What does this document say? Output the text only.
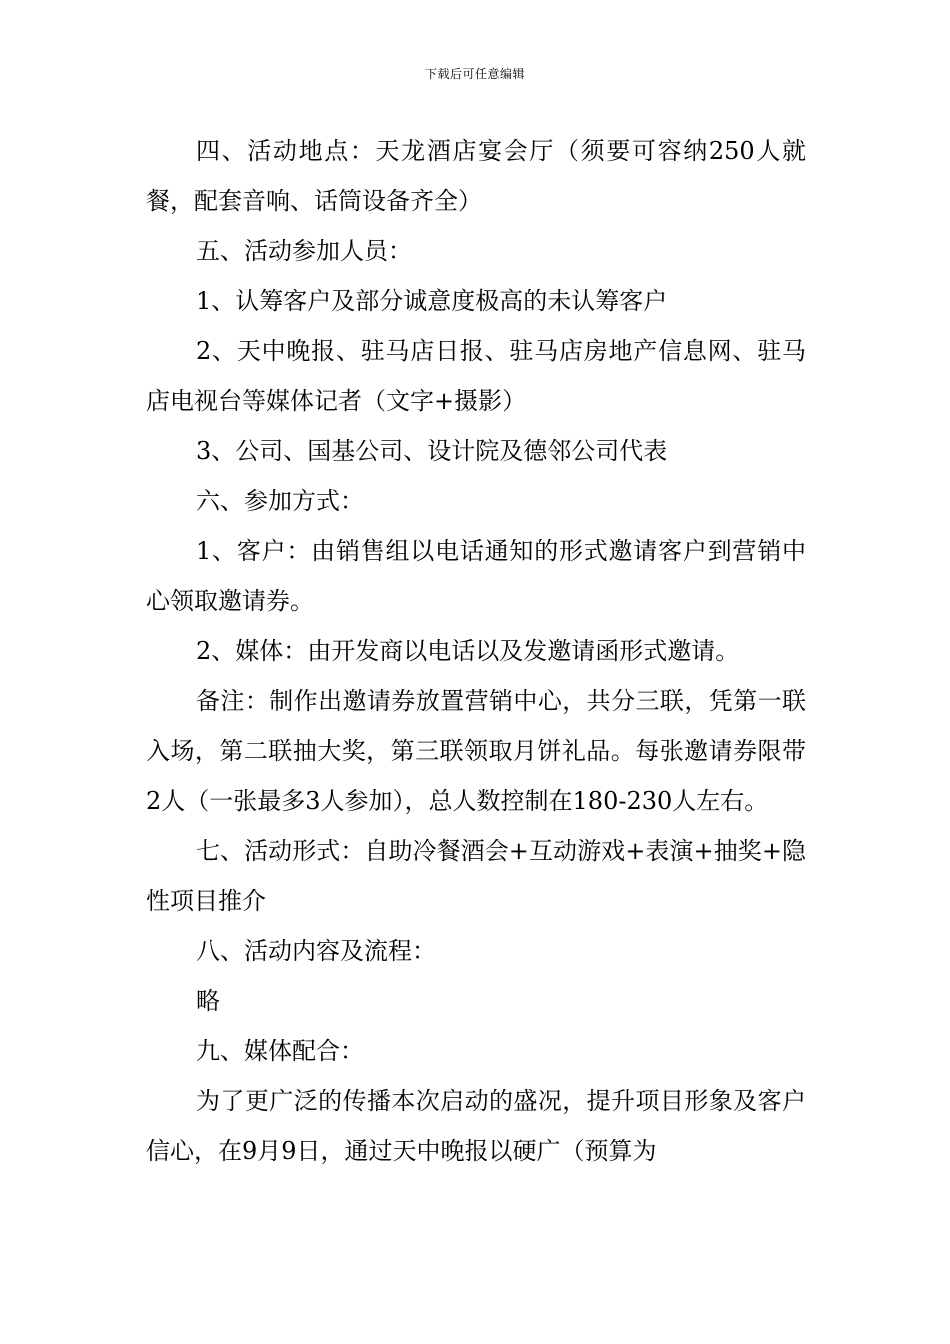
下载后可任意编辑

四、活动地点：天龙酒店宴会厅（须要可容纳250人就餐，配套音响、话筒设备齐全）

五、活动参加人员：

1、认筹客户及部分诚意度极高的未认筹客户

2、天中晚报、驻马店日报、驻马店房地产信息网、驻马店电视台等媒体记者（文字+摄影）

3、公司、国基公司、设计院及德邻公司代表

六、参加方式：

1、客户：由销售组以电话通知的形式邀请客户到营销中心领取邀请券。

2、媒体：由开发商以电话以及发邀请函形式邀请。

备注：制作出邀请券放置营销中心，共分三联，凭第一联入场，第二联抽大奖，第三联领取月饼礼品。每张邀请券限带2人（一张最多3人参加），总人数控制在180-230人左右。

七、活动形式：自助冷餐酒会+互动游戏+表演+抽奖+隐性项目推介

八、活动内容及流程：

略

九、媒体配合：

为了更广泛的传播本次启动的盛况，提升项目形象及客户信心，在9月9日，通过天中晚报以硬广（预算为
